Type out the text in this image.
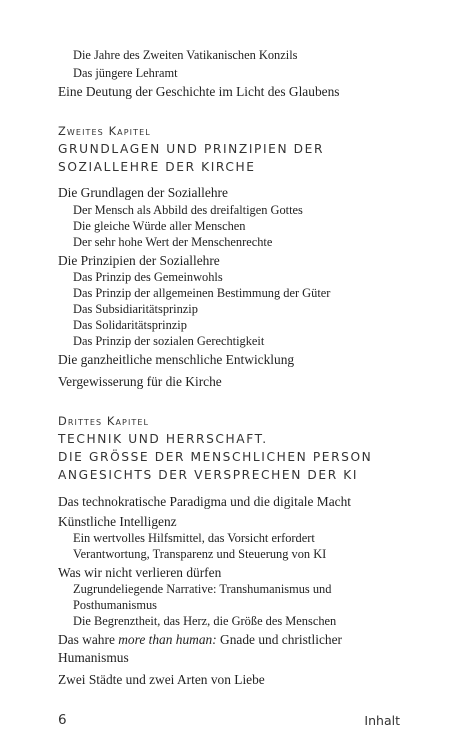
Die Jahre des Zweiten Vatikanischen Konzils
Das jüngere Lehramt
Eine Deutung der Geschichte im Licht des Glaubens
Zweites Kapitel
GRUNDLAGEN UND PRINZIPIEN DER
SOZIALLEHRE DER KIRCHE
Die Grundlagen der Soziallehre
Der Mensch als Abbild des dreifaltigen Gottes
Die gleiche Würde aller Menschen
Der sehr hohe Wert der Menschenrechte
Die Prinzipien der Soziallehre
Das Prinzip des Gemeinwohls
Das Prinzip der allgemeinen Bestimmung der Güter
Das Subsidiaritätsprinzip
Das Solidaritätsprinzip
Das Prinzip der sozialen Gerechtigkeit
Die ganzheitliche menschliche Entwicklung
Vergewisserung für die Kirche
Drittes Kapitel
TECHNIK UND HERRSCHAFT.
DIE GRÖSSE DER MENSCHLICHEN PERSON
ANGESICHTS DER VERSPRECHEN DER KI
Das technokratische Paradigma und die digitale Macht
Künstliche Intelligenz
Ein wertvolles Hilfsmittel, das Vorsicht erfordert
Verantwortung, Transparenz und Steuerung von KI
Was wir nicht verlieren dürfen
Zugrundeliegende Narrative: Transhumanismus und
Posthumanismus
Die Begrenztheit, das Herz, die Größe des Menschen
Das wahre more than human: Gnade und christlicher
Humanismus
Zwei Städte und zwei Arten von Liebe
6	Inhalt
